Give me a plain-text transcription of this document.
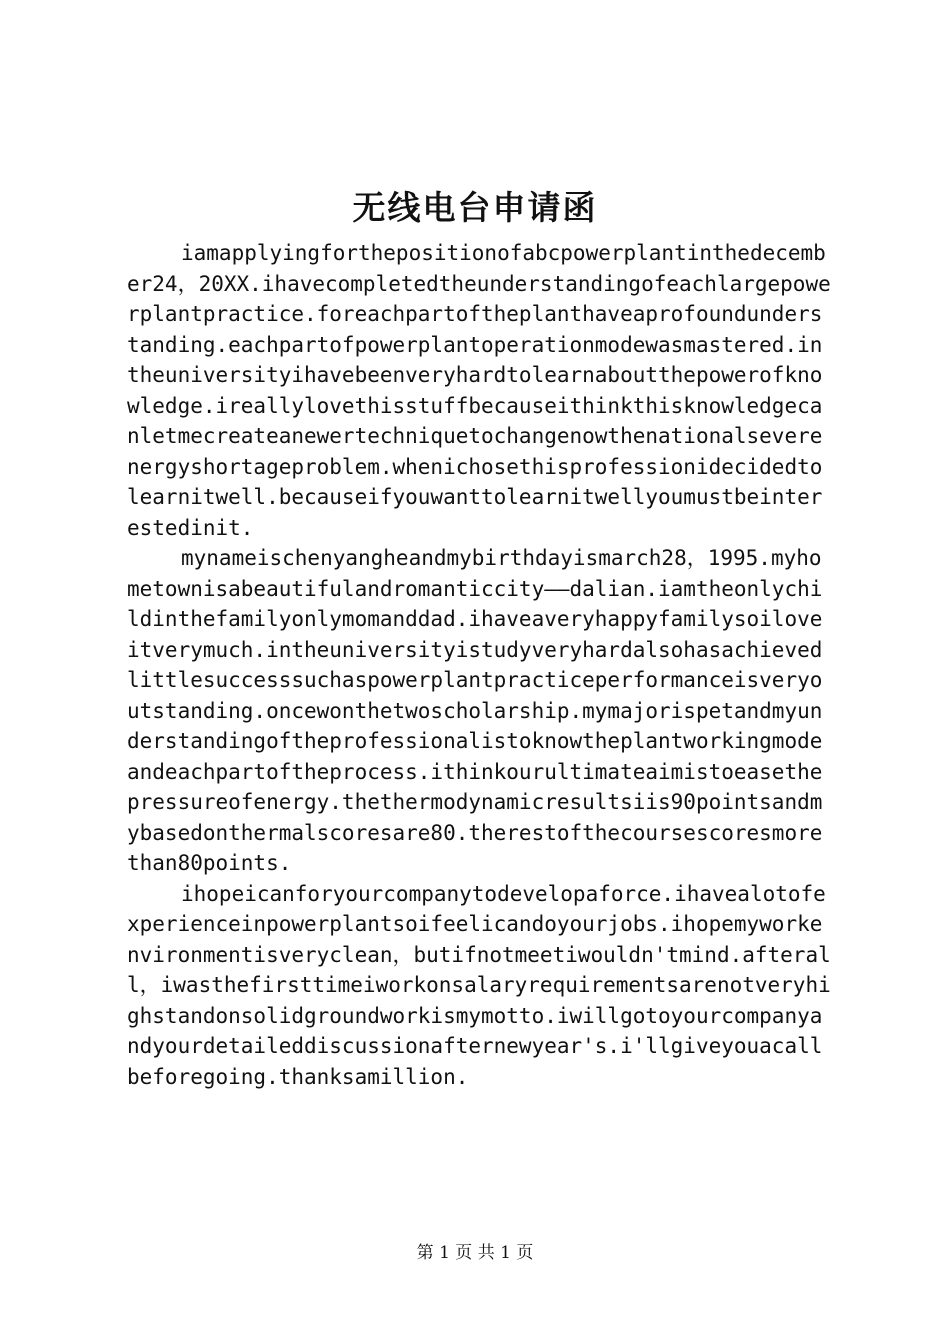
无线电台申请函

iamapplyingforthepositionofabcpowerplantinthedecember24，20XX.ihavecompletedtheunderstandingofeachlargepowerplantpractice.foreachpartoftheplanthaveaprofoundunderstanding.eachpartofpowerplantoperationmodewasmastered.intheuniversityihavebeenveryhardtolearnaboutthepowerofknowledge.ireallylovethisstuffbecauseithinkthisknowledgecanletmecreateanewertechniquetochangenowthenationalseverenergyshortageproblem.whenichosethisprofessionidecidedtolearnitwell.becauseifyouwanttolearnitwellyoumustbeinterestedinit.

mynameischenyangheandmybirthdayismarch28，1995.myhometownisabeautifulandromanticcity——dalian.iamtheonlychildinthefamilyonlymomanddad.ihaveaveryhappyfamilysoiloveitverymuch.intheuniversityistudyveryhardalsohasachievedlittlesuccesssuchaspowerplantpracticeperformanceisveryoutstanding.oncewonthetwoscholarship.mymajorispetandmyunderstandingoftheprofessionalistoknowtheplantworkingmodeandeachpartoftheprocess.ithinkourultimateaimistoeasethepressureofenergy.thethermodynamicresultsiis90pointsandmybasedonthermalscoresare80.therestofthecoursescoresmorethan80points.

ihopeicanforyourcompanytodevelopaforce.ihavealotofexperienceinpowerplantsoifeelicandoyourjobs.ihopemyworkenvironmentisveryclean，butifnotmeetiwouldn'tmind.afterall，iwasthefirsttimeiworkonsalaryrequirementsarenotveryhighstandonsolidgroundworkismymotto.iwillgotoyourcompanyandyourdetaileddiscussionafternewyear's.i'llgiveyouacallbeforegoing.thanksamillion.

第 1 页 共 1 页
